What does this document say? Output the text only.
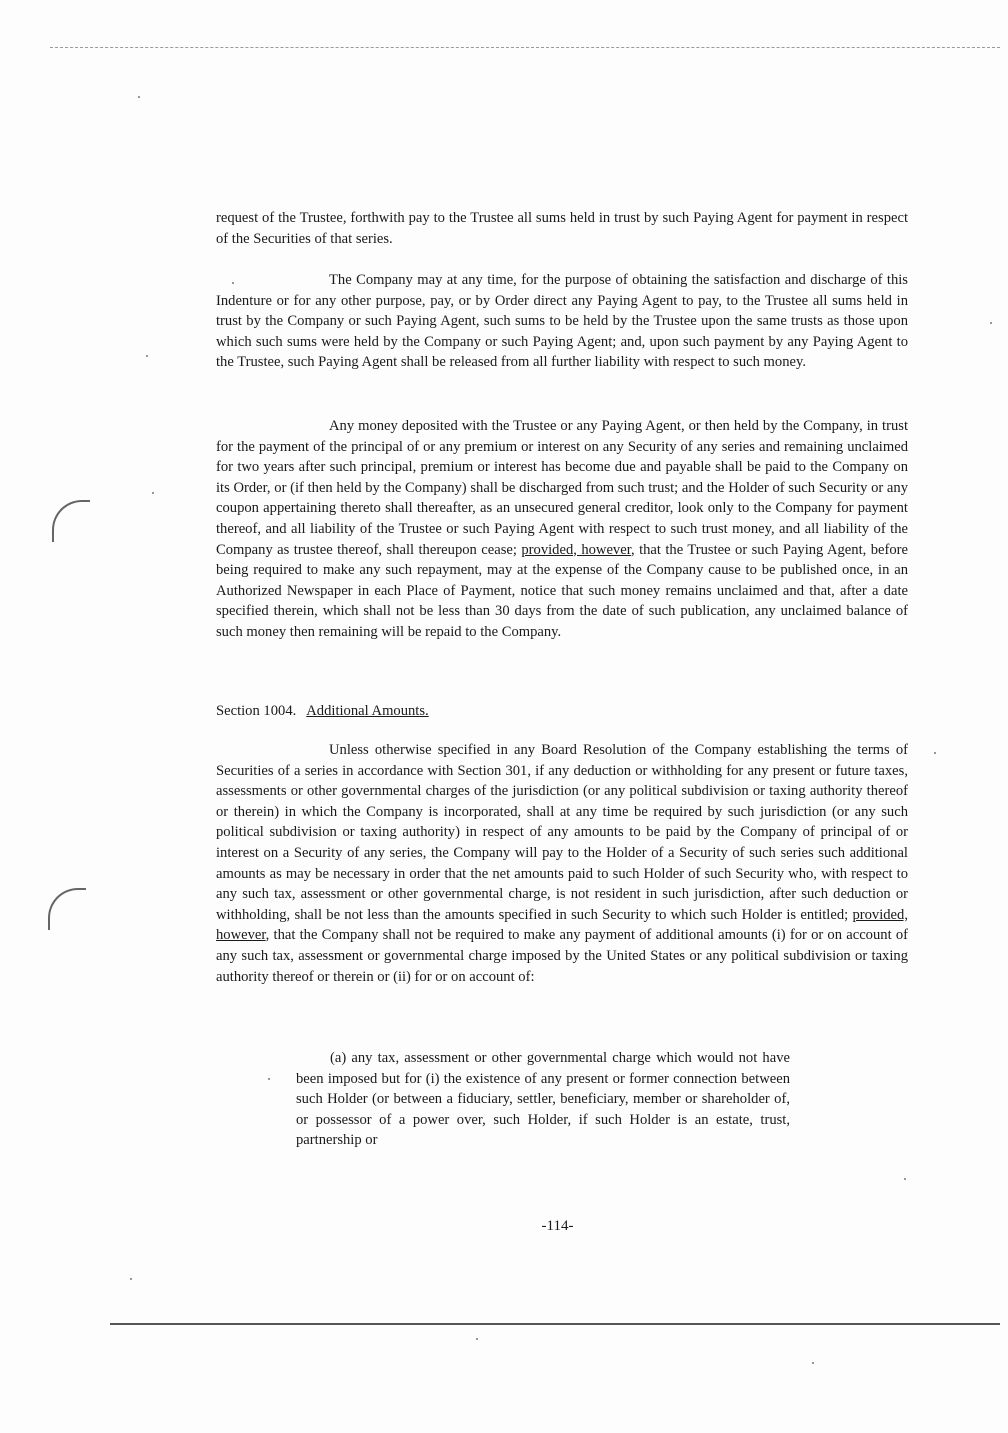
request of the Trustee, forthwith pay to the Trustee all sums held in trust by such Paying Agent for payment in respect of the Securities of that series.

The Company may at any time, for the purpose of obtaining the satisfaction and discharge of this Indenture or for any other purpose, pay, or by Order direct any Paying Agent to pay, to the Trustee all sums held in trust by the Company or such Paying Agent, such sums to be held by the Trustee upon the same trusts as those upon which such sums were held by the Company or such Paying Agent; and, upon such payment by any Paying Agent to the Trustee, such Paying Agent shall be released from all further liability with respect to such money.

Any money deposited with the Trustee or any Paying Agent, or then held by the Company, in trust for the payment of the principal of or any premium or interest on any Security of any series and remaining unclaimed for two years after such principal, premium or interest has become due and payable shall be paid to the Company on its Order, or (if then held by the Company) shall be discharged from such trust; and the Holder of such Security or any coupon appertaining thereto shall thereafter, as an unsecured general creditor, look only to the Company for payment thereof, and all liability of the Trustee or such Paying Agent with respect to such trust money, and all liability of the Company as trustee thereof, shall thereupon cease; provided, however, that the Trustee or such Paying Agent, before being required to make any such repayment, may at the expense of the Company cause to be published once, in an Authorized Newspaper in each Place of Payment, notice that such money remains unclaimed and that, after a date specified therein, which shall not be less than 30 days from the date of such publication, any unclaimed balance of such money then remaining will be repaid to the Company.

Section 1004. Additional Amounts.

Unless otherwise specified in any Board Resolution of the Company establishing the terms of Securities of a series in accordance with Section 301, if any deduction or withholding for any present or future taxes, assessments or other governmental charges of the jurisdiction (or any political subdivision or taxing authority thereof or therein) in which the Company is incorporated, shall at any time be required by such jurisdiction (or any such political subdivision or taxing authority) in respect of any amounts to be paid by the Company of principal of or interest on a Security of any series, the Company will pay to the Holder of a Security of such series such additional amounts as may be necessary in order that the net amounts paid to such Holder of such Security who, with respect to any such tax, assessment or other governmental charge, is not resident in such jurisdiction, after such deduction or withholding, shall be not less than the amounts specified in such Security to which such Holder is entitled; provided, however, that the Company shall not be required to make any payment of additional amounts (i) for or on account of any such tax, assessment or governmental charge imposed by the United States or any political subdivision or taxing authority thereof or therein or (ii) for or on account of:

(a) any tax, assessment or other governmental charge which would not have been imposed but for (i) the existence of any present or former connection between such Holder (or between a fiduciary, settler, beneficiary, member or shareholder of, or possessor of a power over, such Holder, if such Holder is an estate, trust, partnership or

-114-
